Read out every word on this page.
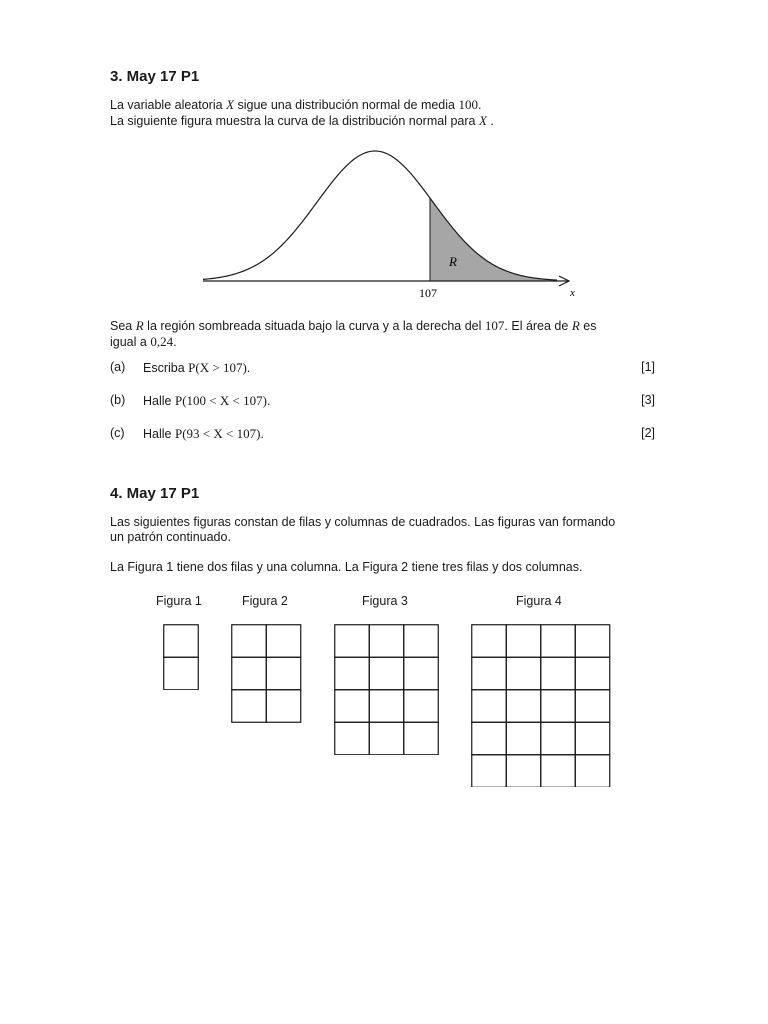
3. May 17 P1
La variable aleatoria X sigue una distribución normal de media 100.
La siguiente figura muestra la curva de la distribución normal para X .
R
107	x
Sea R la región sombreada situada bajo la curva y a la derecha del 107. El área de R es
igual a 0,24.
(a) Escriba P(X > 107).	[1]
(b) Halle P(100 < X < 107).	[3]
(c) Halle P(93 < X < 107).	[2]
4. May 17 P1
Las siguientes figuras constan de filas y columnas de cuadrados. Las figuras van formando
un patrón continuado.
La Figura 1 tiene dos filas y una columna. La Figura 2 tiene tres filas y dos columnas.
Figura 1	Figura 2	Figura 3	Figura 4
